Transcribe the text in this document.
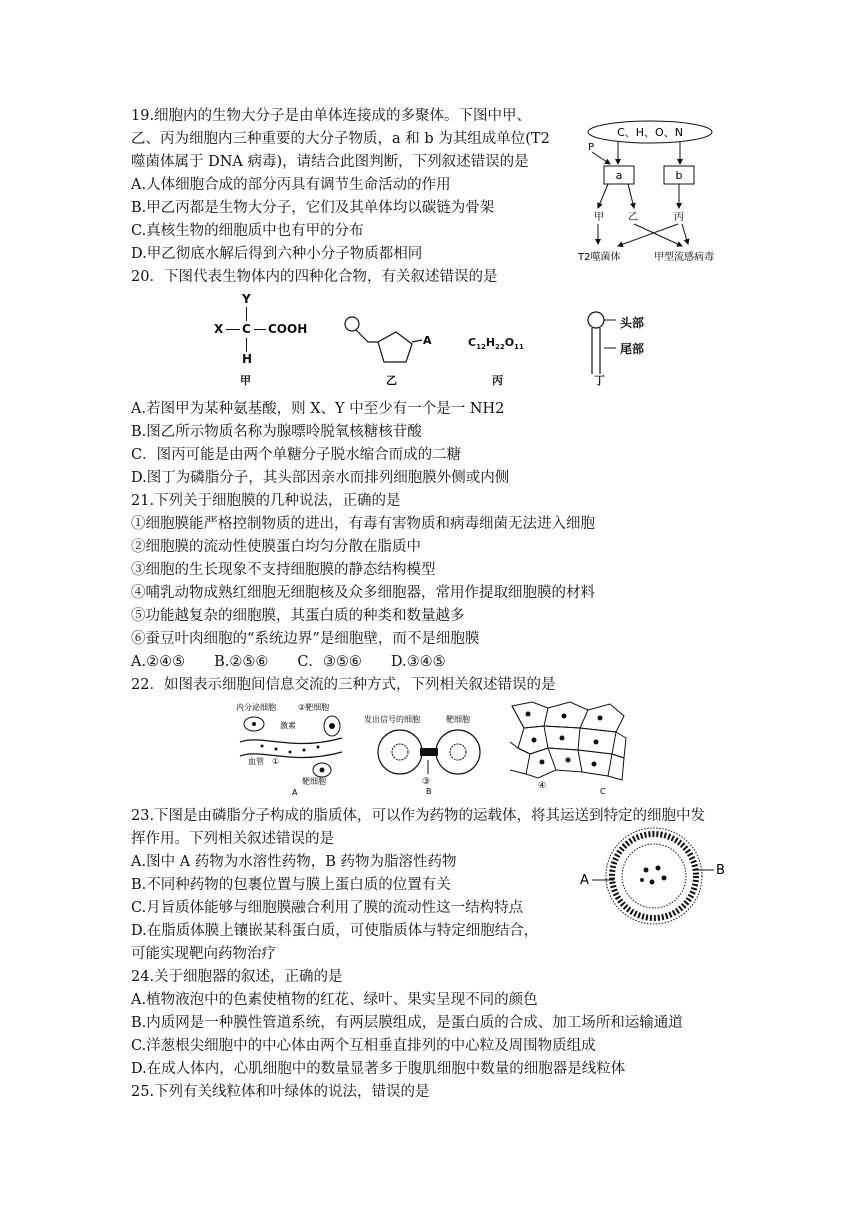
19.细胞内的生物大分子是由单体连接成的多聚体。下图中甲、
乙、丙为细胞内三种重要的大分子物质，a 和 b 为其组成单位(T2
噬菌体属于 DNA 病毒)，请结合此图判断，下列叙述错误的是
A.人体细胞合成的部分丙具有调节生命活动的作用
B.甲乙丙都是生物大分子，它们及其单体均以碳链为骨架
C.真核生物的细胞质中也有甲的分布
D.甲乙彻底水解后得到六种小分子物质都相同
C、H、O、N
P
a	b
甲 乙	丙
T2噬菌体	甲型流感病毒
20．下图代表生物体内的四种化合物，有关叙述错误的是
Y
X C COOH
H
甲
A
乙
$C_{12}H_{22}O_{11}$
丙
头部
尾部
丁
A.若图甲为某种氨基酸，则 X、Y 中至少有一个是一 NH2
B.图乙所示物质名称为腺嘌呤脱氧核糖核苷酸
C．图丙可能是由两个单糖分子脱水缩合而成的二糖
D.图丁为磷脂分子，其头部因亲水而排列细胞膜外侧或内侧
21.下列关于细胞膜的几种说法，正确的是
①细胞膜能严格控制物质的进出，有毒有害物质和病毒细菌无法进入细胞
②细胞膜的流动性使膜蛋白均匀分散在脂质中
③细胞的生长现象不支持细胞膜的静态结构模型
④哺乳动物成熟红细胞无细胞核及众多细胞器，常用作提取细胞膜的材料
⑤功能越复杂的细胞膜，其蛋白质的种类和数量越多
⑥蚕豆叶肉细胞的“系统边界”是细胞壁，而不是细胞膜
A.②④⑤　　B.②⑤⑥　　C．③⑤⑥　　D.③④⑤
22．如图表示细胞间信息交流的三种方式，下列相关叙述错误的是
内分泌细胞
激素
②靶细胞
血管 ①
靶细胞
A
发出信号的细胞	靶细胞
③
B
④
C
23.下图是由磷脂分子构成的脂质体，可以作为药物的运载体，将其运送到特定的细胞中发
挥作用。下列相关叙述错误的是
A.图中 A 药物为水溶性药物，B 药物为脂溶性药物
B.不同种药物的包裹位置与膜上蛋白质的位置有关
C.月旨质体能够与细胞膜融合利用了膜的流动性这一结构特点
D.在脂质体膜上镶嵌某科蛋白质，可使脂质体与特定细胞结合，
可能实现靶向药物治疗
A
B
24.关于细胞器的叙述，正确的是
A.植物液泡中的色素使植物的红花、绿叶、果实呈现不同的颜色
B.内质网是一种膜性管道系统，有两层膜组成，是蛋白质的合成、加工场所和运输通道
C.洋葱根尖细胞中的中心体由两个互相垂直排列的中心粒及周围物质组成
D.在成人体内，心肌细胞中的数量显著多于腹肌细胞中数量的细胞器是线粒体
25.下列有关线粒体和叶绿体的说法，错误的是
